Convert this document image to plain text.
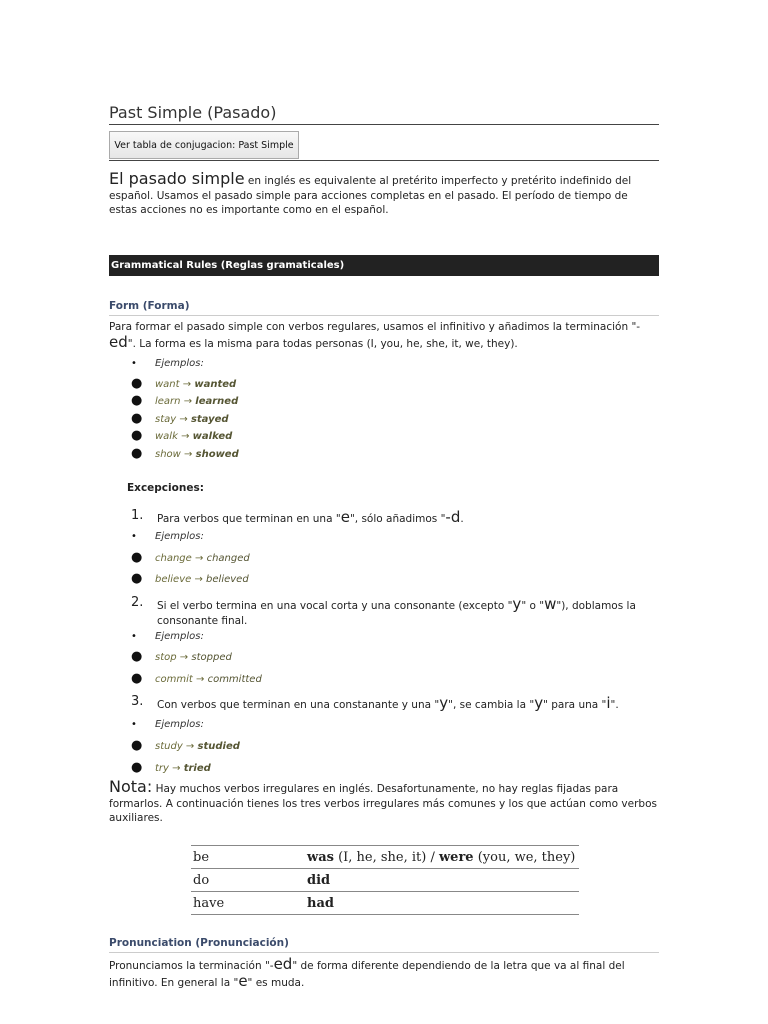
Past Simple (Pasado)
Ver tabla de conjugacion: Past Simple
El pasado simple en inglés es equivalente al pretérito imperfecto y pretérito indefinido del español. Usamos el pasado simple para acciones completas en el pasado. El período de tiempo de estas acciones no es importante como en el español.
Grammatical Rules (Reglas gramaticales)
Form (Forma)
Para formar el pasado simple con verbos regulares, usamos el infinitivo y añadimos la terminación "-ed". La forma es la misma para todas personas (I, you, he, she, it, we, they).
• Ejemplos:
● want → wanted
● learn → learned
● stay → stayed
● walk → walked
● show → showed
Excepciones:
1. Para verbos que terminan en una "e", sólo añadimos "-d.
• Ejemplos:
● change → changed
● believe → believed
2. Si el verbo termina en una vocal corta y una consonante (excepto "y" o "w"), doblamos la consonante final.
• Ejemplos:
● stop → stopped
● commit → committed
3. Con verbos que terminan en una constanante y una "y", se cambia la "y" para una "i".
• Ejemplos:
● study → studied
● try → tried
Nota: Hay muchos verbos irregulares en inglés. Desafortunamente, no hay reglas fijadas para formarlos. A continuación tienes los tres verbos irregulares más comunes y los que actúan como verbos auxiliares.
be	was (I, he, she, it) / were (you, we, they)
do	did
have	had
Pronunciation (Pronunciación)
Pronunciamos la terminación "-ed" de forma diferente dependiendo de la letra que va al final del infinitivo. En general la "e" es muda.
